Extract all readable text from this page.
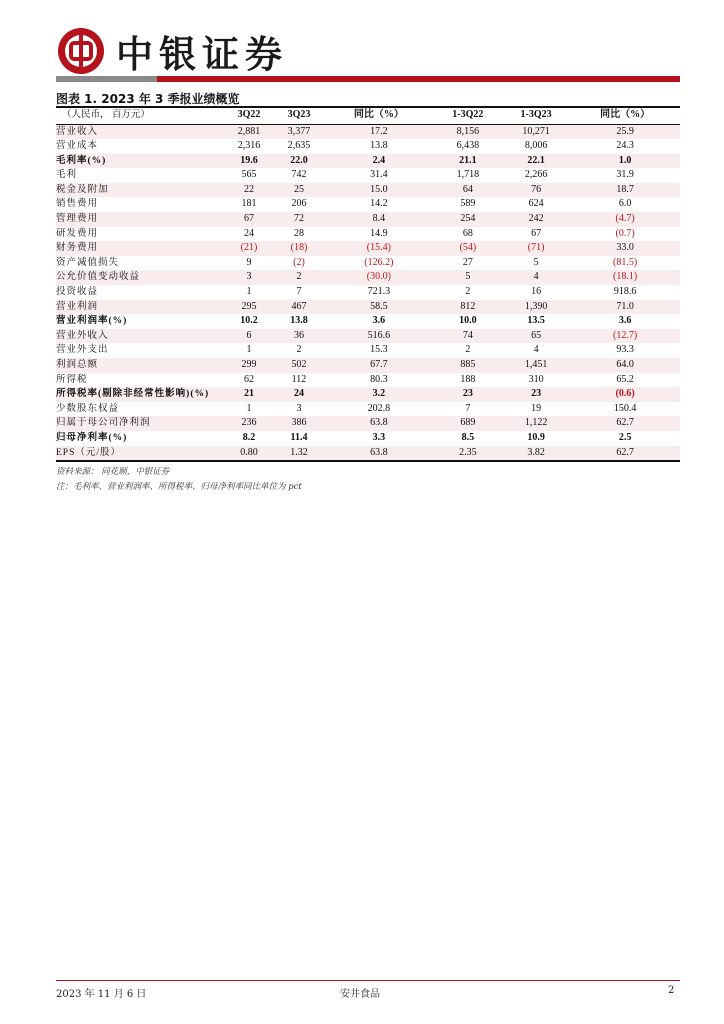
中银证券
图表 1. 2023 年 3 季报业绩概览
（人民币， 百万元）	3Q22	3Q23	同比（%）	1-3Q22	1-3Q23	同比（%）
营业收入	2,881	3,377	17.2	8,156	10,271	25.9
营业成本	2,316	2,635	13.8	6,438	8,006	24.3
毛利率(%)	19.6	22.0	2.4	21.1	22.1	1.0
毛利	565	742	31.4	1,718	2,266	31.9
税金及附加	22	25	15.0	64	76	18.7
销售费用	181	206	14.2	589	624	6.0
管理费用	67	72	8.4	254	242	(4.7)
研发费用	24	28	14.9	68	67	(0.7)
财务费用	(21)	(18)	(15.4)	(54)	(71)	33.0
资产减值损失	9	(2)	(126.2)	27	5	(81.5)
公允价值变动收益	3	2	(30.0)	5	4	(18.1)
投资收益	1	7	721.3	2	16	918.6
营业利润	295	467	58.5	812	1,390	71.0
营业利润率(%)	10.2	13.8	3.6	10.0	13.5	3.6
营业外收入	6	36	516.6	74	65	(12.7)
营业外支出	1	2	15.3	2	4	93.3
利润总额	299	502	67.7	885	1,451	64.0
所得税	62	112	80.3	188	310	65.2
所得税率(剔除非经常性影响)(%)	21	24	3.2	23	23	(0.6)
少数股东权益	1	3	202.8	7	19	150.4
归属于母公司净利润	236	386	63.8	689	1,122	62.7
归母净利率(%)	8.2	11.4	3.3	8.5	10.9	2.5
EPS（元/股）	0.80	1.32	63.8	2.35	3.82	62.7
资料来源： 同花顺，中银证券
注：毛利率、营业利润率、所得税率、归母净利率同比单位为 pct
2023 年 11 月 6 日	安井食品	2
